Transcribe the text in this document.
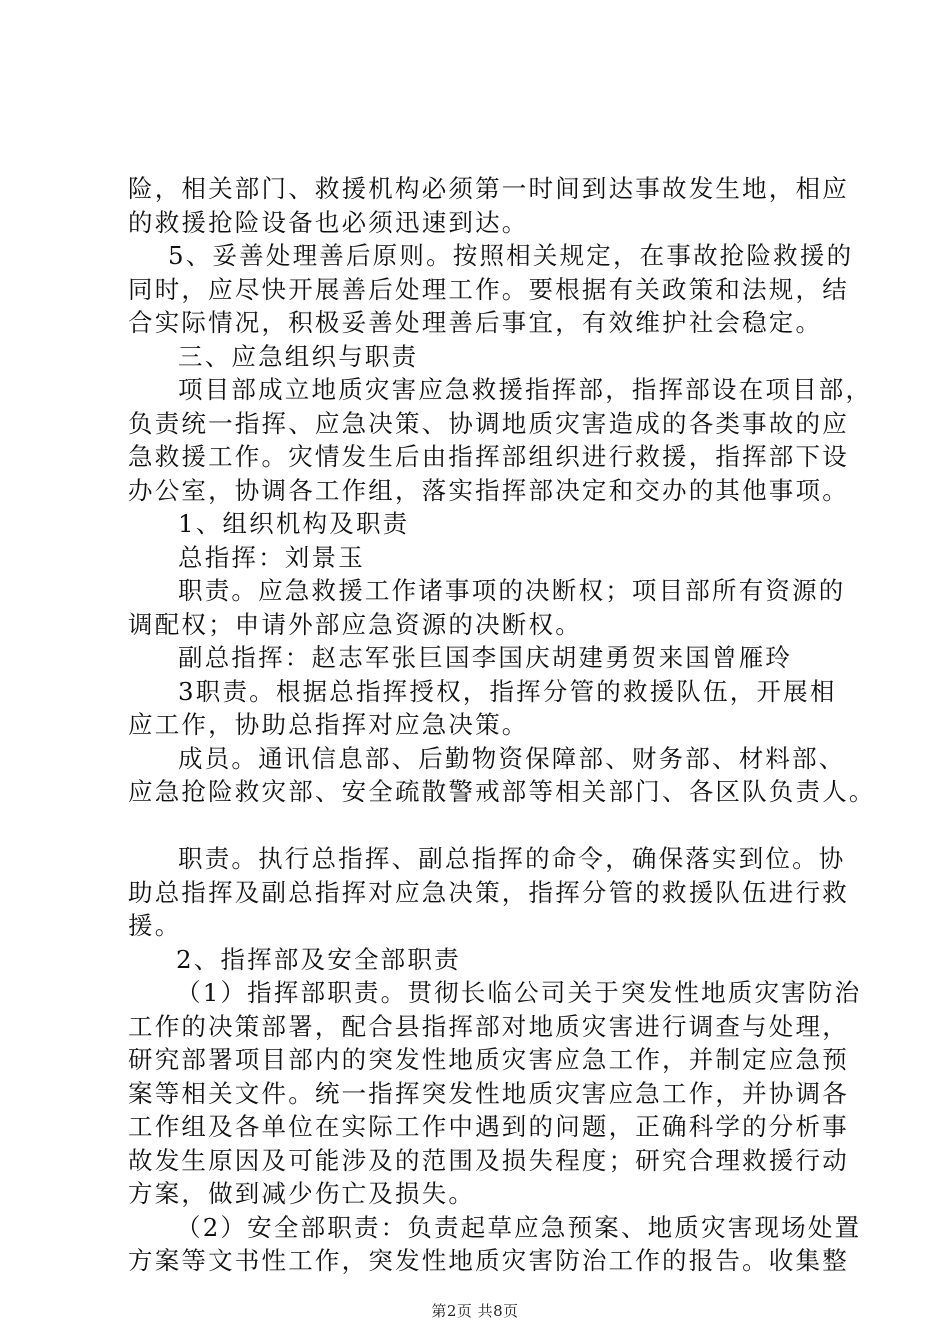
险，相关部门、救援机构必须第一时间到达事故发生地，相应
的救援抢险设备也必须迅速到达。
5、妥善处理善后原则。按照相关规定，在事故抢险救援的
同时，应尽快开展善后处理工作。要根据有关政策和法规，结
合实际情况，积极妥善处理善后事宜，有效维护社会稳定。
三、应急组织与职责
项目部成立地质灾害应急救援指挥部，指挥部设在项目部，
负责统一指挥、应急决策、协调地质灾害造成的各类事故的应
急救援工作。灾情发生后由指挥部组织进行救援，指挥部下设
办公室，协调各工作组，落实指挥部决定和交办的其他事项。
1、组织机构及职责
总指挥：刘景玉
职责。应急救援工作诸事项的决断权；项目部所有资源的
调配权；申请外部应急资源的决断权。
副总指挥：赵志军张巨国李国庆胡建勇贺来国曾雁玲
3职责。根据总指挥授权，指挥分管的救援队伍，开展相
应工作，协助总指挥对应急决策。
成员。通讯信息部、后勤物资保障部、财务部、材料部、
应急抢险救灾部、安全疏散警戒部等相关部门、各区队负责人。
职责。执行总指挥、副总指挥的命令，确保落实到位。协
助总指挥及副总指挥对应急决策，指挥分管的救援队伍进行救
援。
2、指挥部及安全部职责
（1）指挥部职责。贯彻长临公司关于突发性地质灾害防治
工作的决策部署，配合县指挥部对地质灾害进行调查与处理，
研究部署项目部内的突发性地质灾害应急工作，并制定应急预
案等相关文件。统一指挥突发性地质灾害应急工作，并协调各
工作组及各单位在实际工作中遇到的问题，正确科学的分析事
故发生原因及可能涉及的范围及损失程度；研究合理救援行动
方案，做到减少伤亡及损失。
（2）安全部职责：负责起草应急预案、地质灾害现场处置
方案等文书性工作，突发性地质灾害防治工作的报告。收集整
第2页 共8页
